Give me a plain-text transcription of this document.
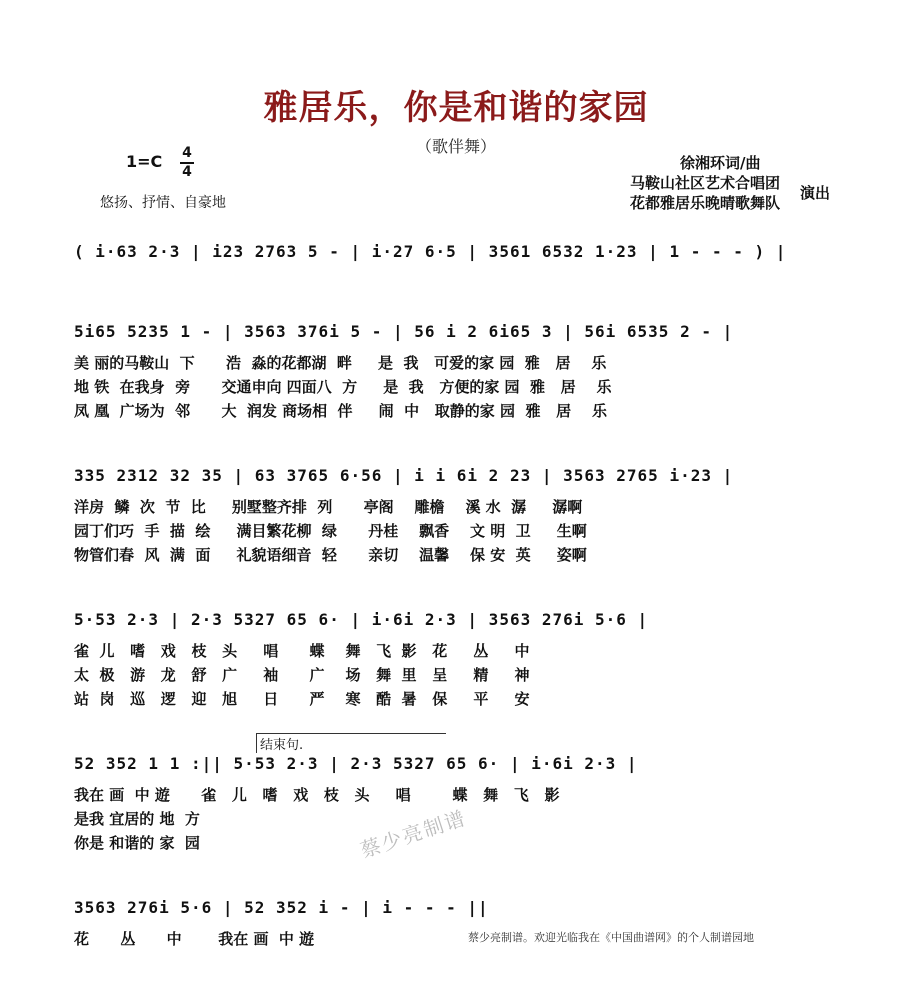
雅居乐，你是和谐的家园
（歌伴舞）
1=C 4
4
悠扬、抒情、自豪地
徐湘环词/曲
马鞍山社区艺术合唱团
花都雅居乐晚晴歌舞队
演出
( i·63 2·3 | i23 2763 5 - | i·27 6·5 | 3561 6532 1·23 | 1 - - - ) |
5i65 5235 1 - | 3563 376i 5 - | 56 i 2 6i65 3 | 56i 6535 2 - |
美 丽的马鞍山  下      浩  淼的花都湖  畔     是  我   可爱的家 园  雅   居    乐
地 铁  在我身  旁      交通申向 四面八  方     是  我   方便的家 园  雅   居    乐
凤 凰  广场为  邻      大  润发 商场相  伴     闹  中   取静的家 园  雅   居    乐
335 2312 32 35 | 63 3765 6·56 | i i 6i 2 23 | 3563 2765 i·23 |
洋房  鳞  次  节  比     别墅整齐排  列      亭阁    雕檐    溪 水  潺     潺啊
园丁们巧  手  描  绘     满目繁花柳  绿      丹桂    飘香    文 明  卫     生啊
物管们春  风  满  面     礼貌语细音  轻      亲切    温馨    保 安  英     姿啊
5·53 2·3 | 2·3 5327 65 6· | i·6i 2·3 | 3563 276i 5·6 |
雀  儿   嗜   戏   枝   头     唱      蝶    舞   飞  影   花     丛     中
太  极   游   龙   舒   广     袖      广    场   舞  里   呈     精     神
站  岗   巡   逻   迎   旭     日      严    寒   酷  暑   保     平     安
结束句.
52 352 1 1 :|| 5·53 2·3 | 2·3 5327 65 6· | i·6i 2·3 |
我在 画  中 遊      雀   儿   嗜   戏   枝   头     唱        蝶   舞   飞   影
是我 宜居的 地  方
你是 和谐的 家  园	蔡少亮制谱
3563 276i 5·6 | 52 352 i - | i - - - ||
花      丛      中       我在 画  中 遊	蔡少亮制谱。欢迎光临我在《中国曲谱网》的个人制谱园地
